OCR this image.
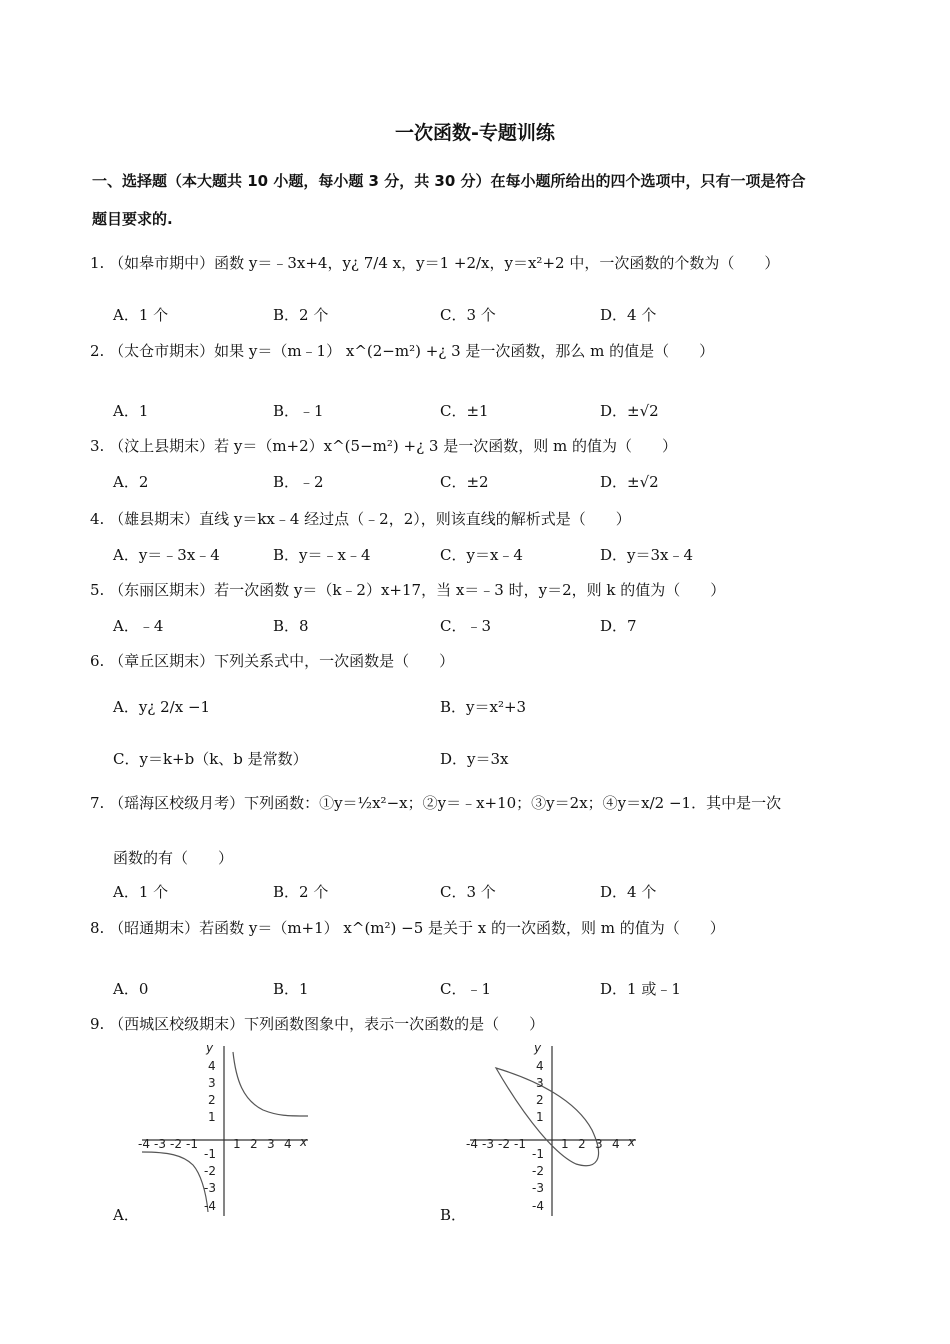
一次函数-专题训练
一、选择题（本大题共 10 小题，每小题 3 分，共 30 分）在每小题所给出的四个选项中，只有一项是符合
题目要求的.
1. （如皋市期中）函数 y＝﹣3x+4，y¿ 7/4 x，y＝1 +2/x，y＝x²+2 中，一次函数的个数为（　　）
A．1 个	B．2 个	C．3 个	D．4 个
2. （太仓市期末）如果 y＝（m﹣1） x^(2−m²) +¿ 3 是一次函数，那么 m 的值是（　　）
A．1	B．﹣1	C．±1	D．±√2
3. （汶上县期末）若 y＝（m+2）x^(5−m²) +¿ 3 是一次函数，则 m 的值为（　　）
A．2	B．﹣2	C．±2	D．±√2
4. （雄县期末）直线 y＝kx﹣4 经过点（﹣2，2），则该直线的解析式是（　　）
A．y＝﹣3x﹣4	B．y＝﹣x﹣4	C．y＝x﹣4	D．y＝3x﹣4
5. （东丽区期末）若一次函数 y＝（k﹣2）x+17，当 x＝﹣3 时，y＝2，则 k 的值为（　　）
A．﹣4	B．8	C．﹣3	D．7
6. （章丘区期末）下列关系式中，一次函数是（　　）
A．y¿ 2/x −1	B．y＝x²+3
C．y＝k+b（k、b 是常数）	D．y＝3x
7. （瑶海区校级月考）下列函数：①y＝½x²−x；②y＝﹣x+10；③y＝2x；④y＝x/2 −1．其中是一次
函数的有（　　）
A．1 个	B．2 个	C．3 个	D．4 个
8. （昭通期末）若函数 y＝（m+1） x^(m²) −5 是关于 x 的一次函数，则 m 的值为（　　）
A．0	B．1	C．﹣1	D．1 或﹣1
9. （西城区校级期末）下列函数图象中，表示一次函数的是（　　）
-4 -3 -2 -1	1 2 3 4 x
y
4
3
2
1
-1
-2
-3
-4
A．
-4 -3 -2 -1	1 2 3 4 x
y
4
3
2
1
-1
-2
-3
-4
B．
